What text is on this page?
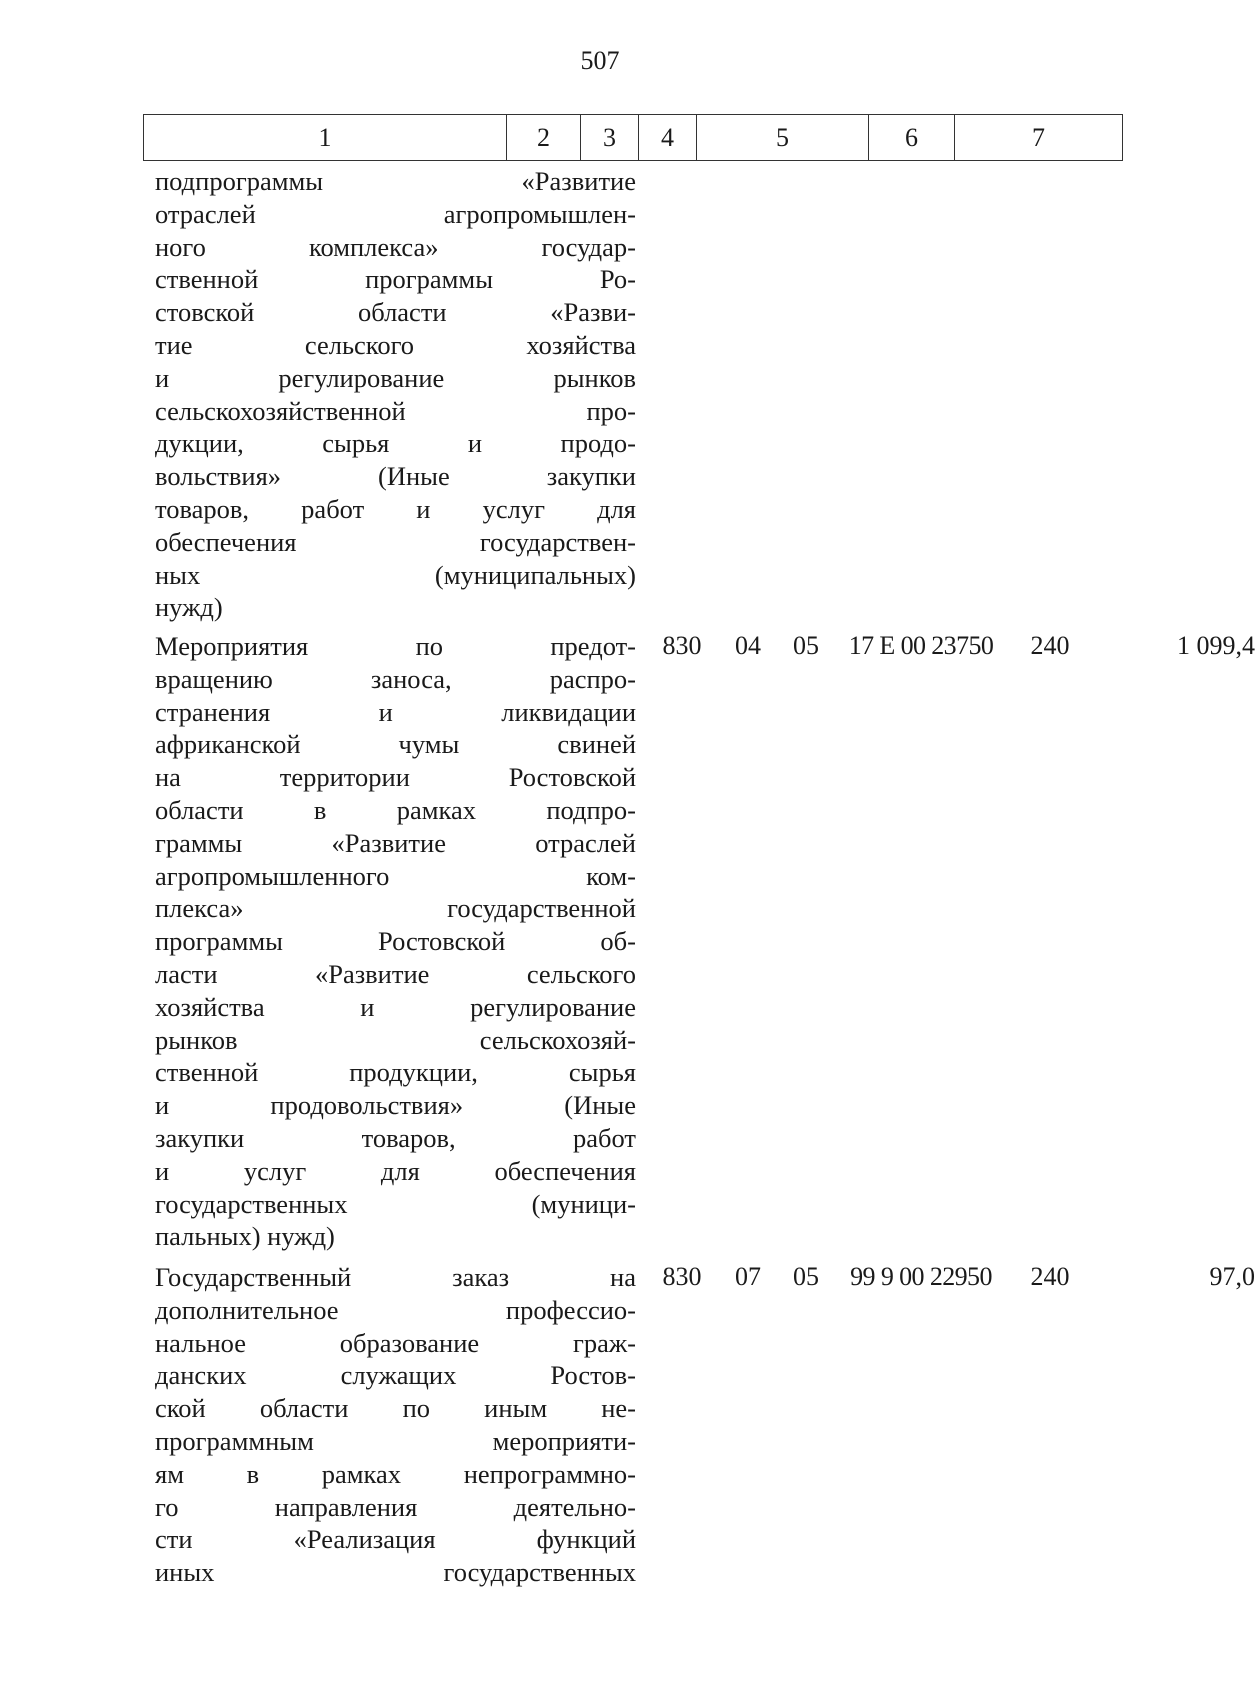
507
1	2	3	4	5	6	7
подпрограммы «Развитие
отраслей агропромышлен-
ного комплекса» государ-
ственной программы Ро-
стовской области «Разви-
тие сельского хозяйства
и регулирование рынков
сельскохозяйственной про-
дукции, сырья и продо-
вольствия» (Иные закупки
товаров, работ и услуг для
обеспечения государствен-
ных (муниципальных)
нужд)
Мероприятия по предот-
вращению заноса, распро-
странения и ликвидации
африканской чумы свиней
на территории Ростовской
области в рамках подпро-
граммы «Развитие отраслей
агропромышленного ком-
плекса» государственной
программы Ростовской об-
ласти «Развитие сельского
хозяйства и регулирование
рынков сельскохозяй-
ственной продукции, сырья
и продовольствия» (Иные
закупки товаров, работ
и услуг для обеспечения
государственных (муници-
пальных) нужд)
830	04	05	17 Е 00 23750	240	1 099,4
Государственный заказ на
дополнительное профессио-
нальное образование граж-
данских служащих Ростов-
ской области по иным не-
программным мероприяти-
ям в рамках непрограммно-
го направления деятельно-
сти «Реализация функций
иных государственных
830	07	05	99 9 00 22950	240	97,0
